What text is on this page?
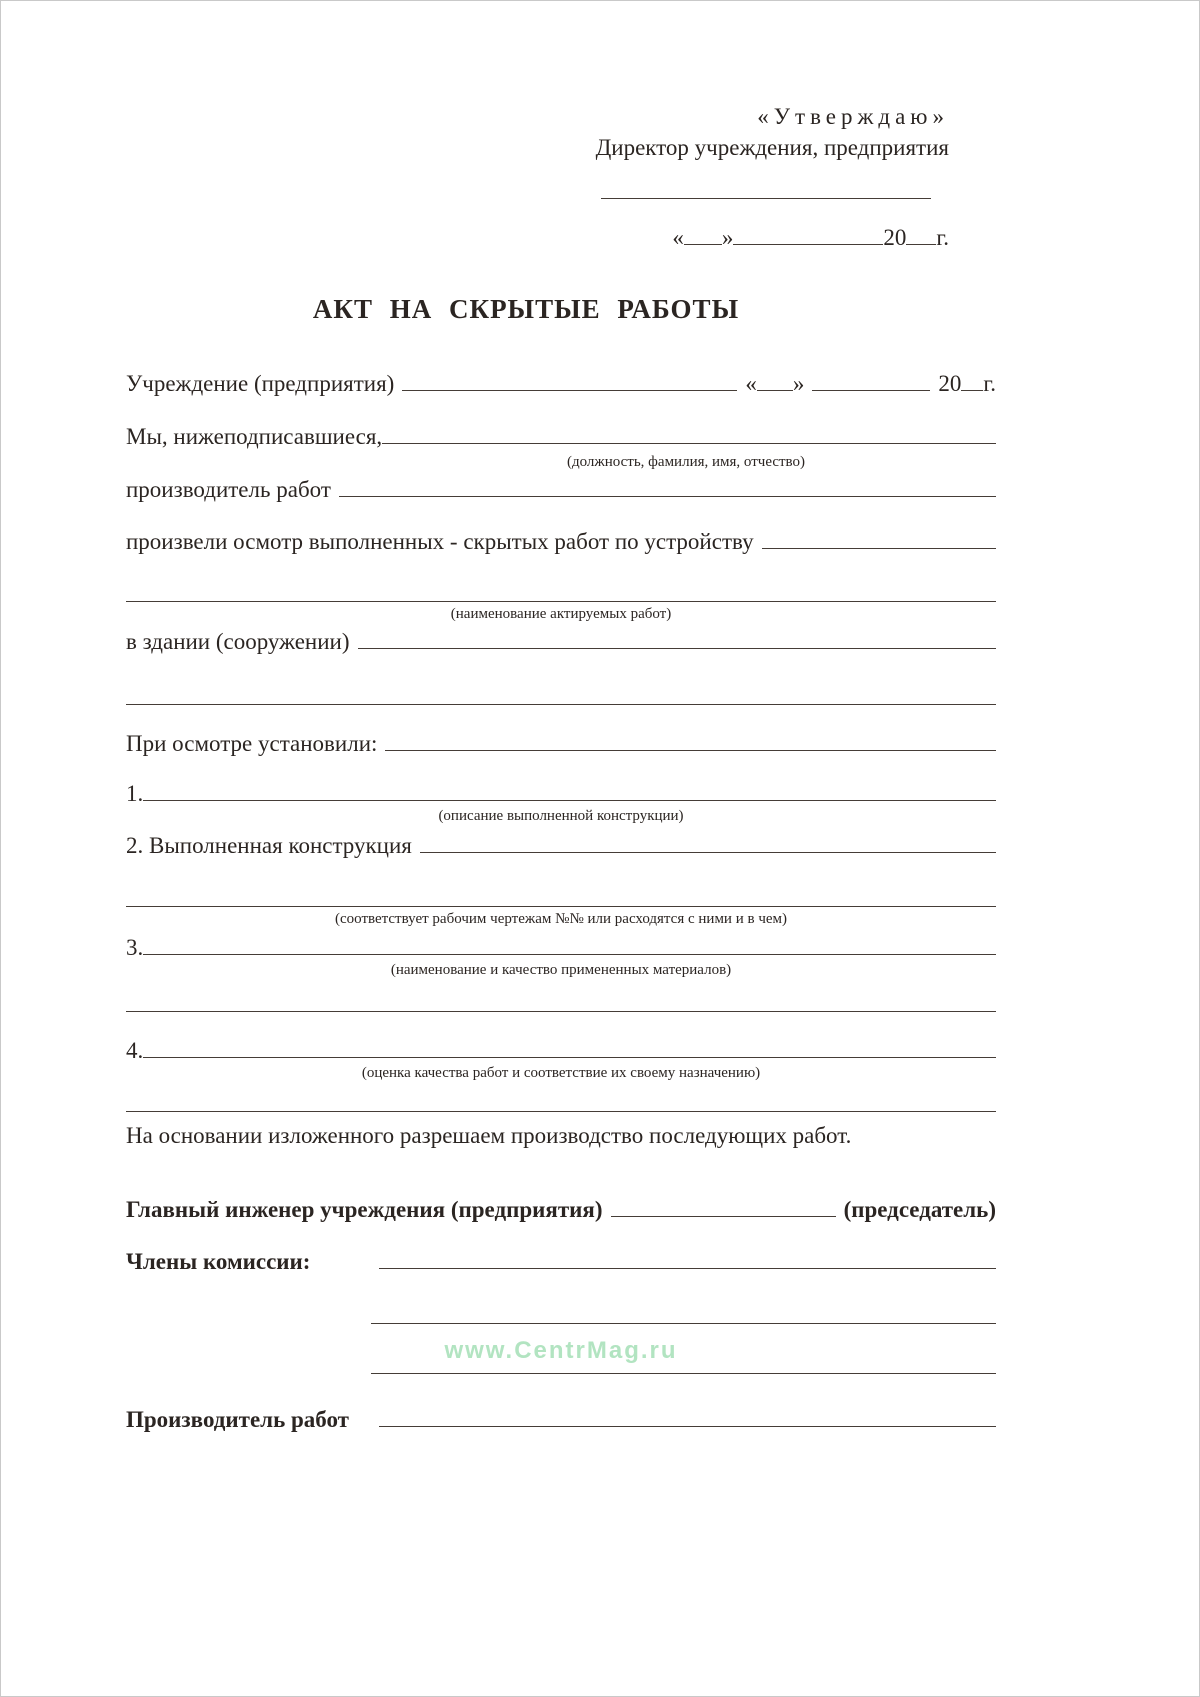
«Утверждаю»
Директор учреждения, предприятия
« »	20 г.
АКТ НА СКРЫТЫЕ РАБОТЫ
Учреждение (предприятия)	« »	20 г.
Мы, нижеподписавшиеся,
(должность, фамилия, имя, отчество)
производитель работ
произвели осмотр выполненных - скрытых работ по устройству
(наименование актируемых работ)
в здании (сооружении)
При осмотре установили:
1.
(описание выполненной конструкции)
2. Выполненная конструкция
(соответствует рабочим чертежам №№ или расходятся с ними и в чем)
3.
(наименование и качество примененных материалов)
4.
(оценка качества работ и соответствие их своему назначению)
На основании изложенного разрешаем производство последующих работ.
Главный инженер учреждения (предприятия)	(председатель)
Члены комиссии:
www.CentrMag.ru
Производитель работ
